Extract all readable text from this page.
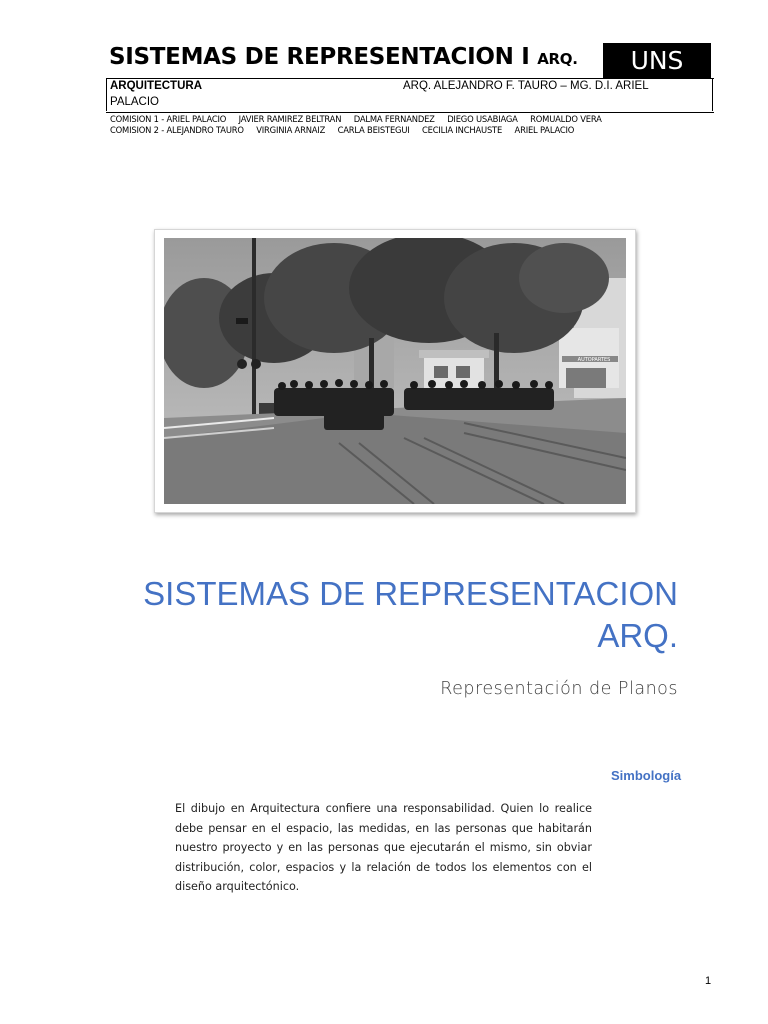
SISTEMAS DE REPRESENTACION I ARQ.	UNS
ARQUITECTURA	ARQ. ALEJANDRO F. TAURO – MG. D.I. ARIEL
PALACIO
COMISION 1 - ARIEL PALACIO JAVIER RAMIREZ BELTRAN DALMA FERNANDEZ DIEGO USABIAGA ROMUALDO VERA
COMISION 2 - ALEJANDRO TAURO VIRGINIA ARNAIZ CARLA BEISTEGUI CECILIA INCHAUSTE ARIEL PALACIO
AUTOPARTES
SISTEMAS DE REPRESENTACION
ARQ.
Representación de Planos
Simbología
El dibujo en Arquitectura confiere una responsabilidad. Quien lo realice debe pensar en el espacio, las medidas, en las personas que habitarán nuestro proyecto y en las personas que ejecutarán el mismo, sin obviar distribución, color, espacios y la relación de todos los elementos con el diseño arquitectónico.
1
